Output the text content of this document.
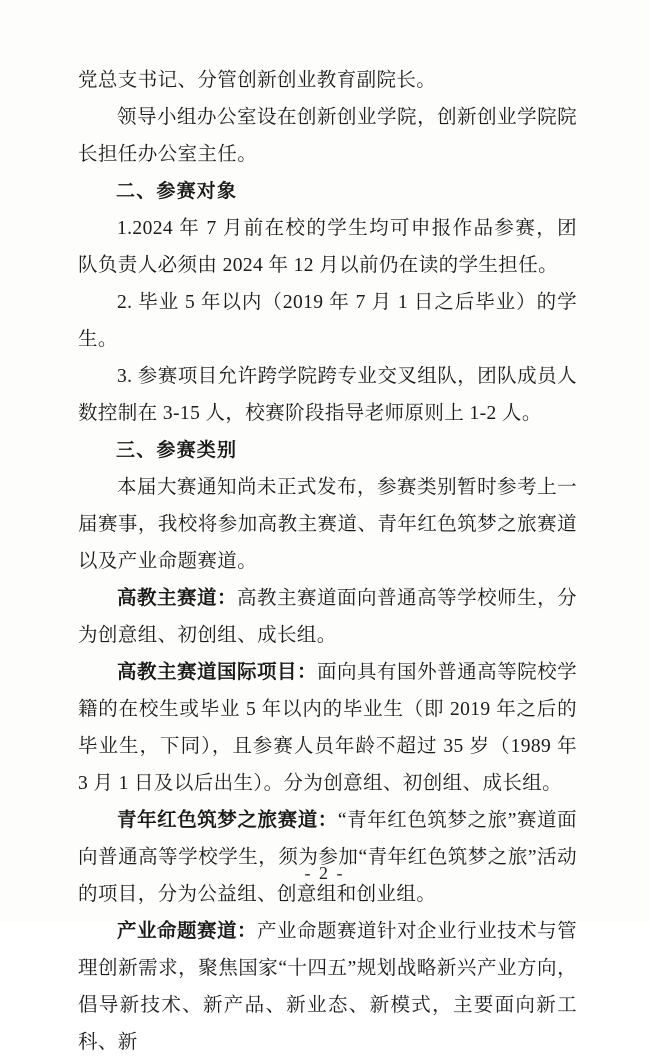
党总支书记、分管创新创业教育副院长。

领导小组办公室设在创新创业学院，创新创业学院院长担任办公室主任。

二、参赛对象

1.2024 年 7 月前在校的学生均可申报作品参赛，团队负责人必须由 2024 年 12 月以前仍在读的学生担任。

2. 毕业 5 年以内（2019 年 7 月 1 日之后毕业）的学生。

3. 参赛项目允许跨学院跨专业交叉组队，团队成员人数控制在 3-15 人，校赛阶段指导老师原则上 1-2 人。

三、参赛类别

本届大赛通知尚未正式发布，参赛类别暂时参考上一届赛事，我校将参加高教主赛道、青年红色筑梦之旅赛道以及产业命题赛道。

高教主赛道：高教主赛道面向普通高等学校师生，分为创意组、初创组、成长组。

高教主赛道国际项目：面向具有国外普通高等院校学籍的在校生或毕业 5 年以内的毕业生（即 2019 年之后的毕业生，下同），且参赛人员年龄不超过 35 岁（1989 年 3 月 1 日及以后出生）。分为创意组、初创组、成长组。

青年红色筑梦之旅赛道：“青年红色筑梦之旅”赛道面向普通高等学校学生，须为参加“青年红色筑梦之旅”活动的项目，分为公益组、创意组和创业组。

产业命题赛道：产业命题赛道针对企业行业技术与管理创新需求，聚焦国家“十四五”规划战略新兴产业方向，倡导新技术、新产品、新业态、新模式，主要面向新工科、新

- 2 -
